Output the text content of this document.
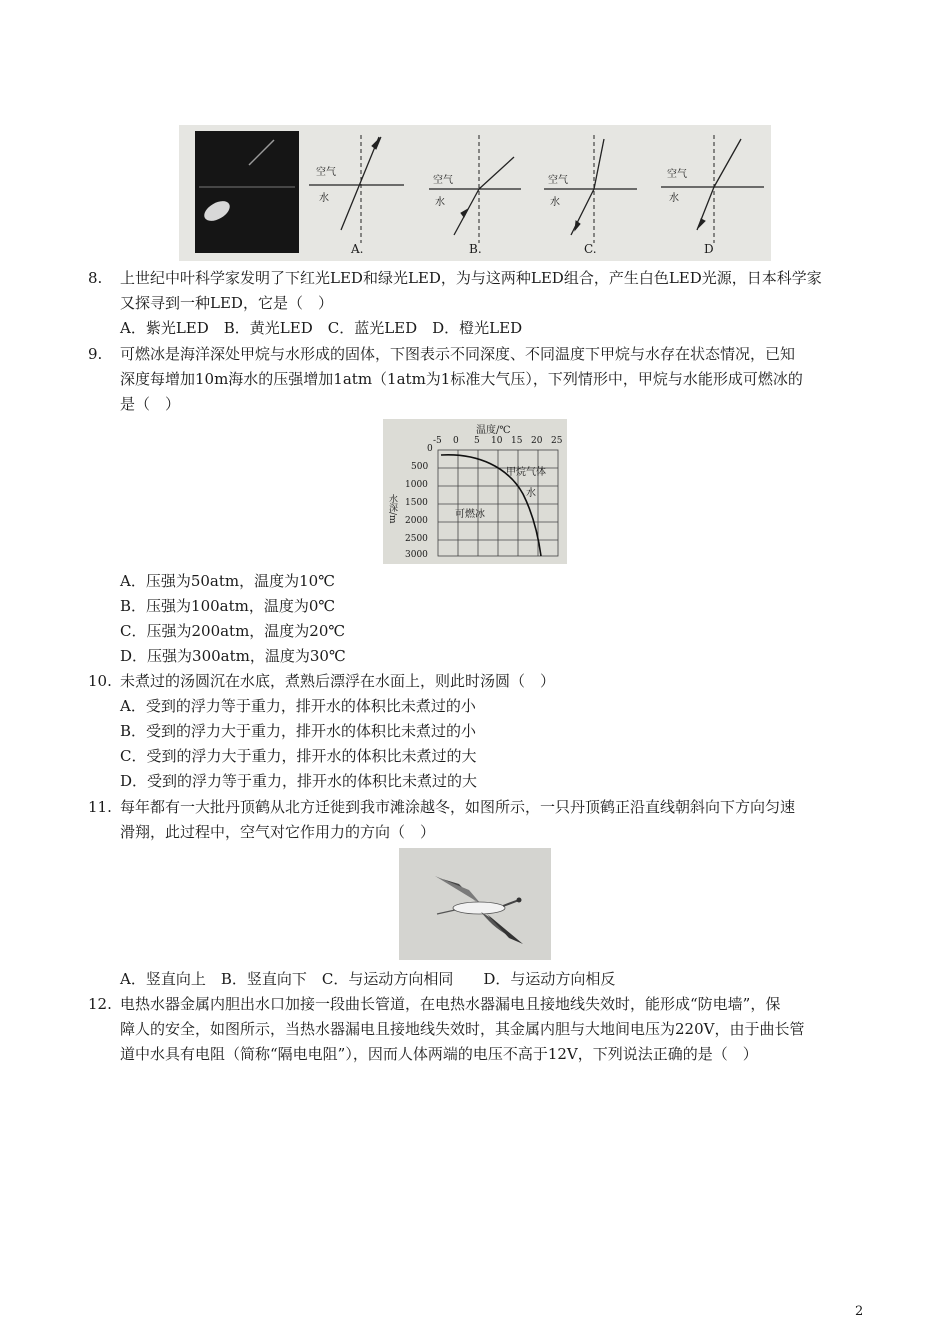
空气
水
空气
水
空气
水
空气
水
A.	B.	C.	D
8. 上世纪中叶科学家发明了下红光LED和绿光LED，为与这两种LED组合，产生白色LED光源，日本科学家
又探寻到一种LED，它是（　）
A．紫光LED　B．黄光LED　C．蓝光LED　D．橙光LED
9. 可燃冰是海洋深处甲烷与水形成的固体，下图表示不同深度、不同温度下甲烷与水存在状态情况，已知
深度每增加10m海水的压强增加1atm（1atm为1标准大气压），下列情形中，甲烷与水能形成可燃冰的
是（　）
温度/℃
-5 0 5 10 15 20 25
水深/m
0
500
1000
1500
2000
2500
3000
甲烷气体
水
可燃冰
A．压强为50atm，温度为10℃
B．压强为100atm，温度为0℃
C．压强为200atm，温度为20℃
D．压强为300atm，温度为30℃
10. 未煮过的汤圆沉在水底，煮熟后漂浮在水面上，则此时汤圆（　）
A．受到的浮力等于重力，排开水的体积比未煮过的小
B．受到的浮力大于重力，排开水的体积比未煮过的小
C．受到的浮力大于重力，排开水的体积比未煮过的大
D．受到的浮力等于重力，排开水的体积比未煮过的大
11. 每年都有一大批丹顶鹤从北方迁徙到我市滩涂越冬，如图所示，一只丹顶鹤正沿直线朝斜向下方向匀速
滑翔，此过程中，空气对它作用力的方向（　）
A．竖直向上　B．竖直向下　C．与运动方向相同　　D．与运动方向相反
12. 电热水器金属内胆出水口加接一段曲长管道，在电热水器漏电且接地线失效时，能形成“防电墙”，保
障人的安全，如图所示，当热水器漏电且接地线失效时，其金属内胆与大地间电压为220V，由于曲长管
道中水具有电阻（简称“隔电电阻”），因而人体两端的电压不高于12V，下列说法正确的是（　）
2
